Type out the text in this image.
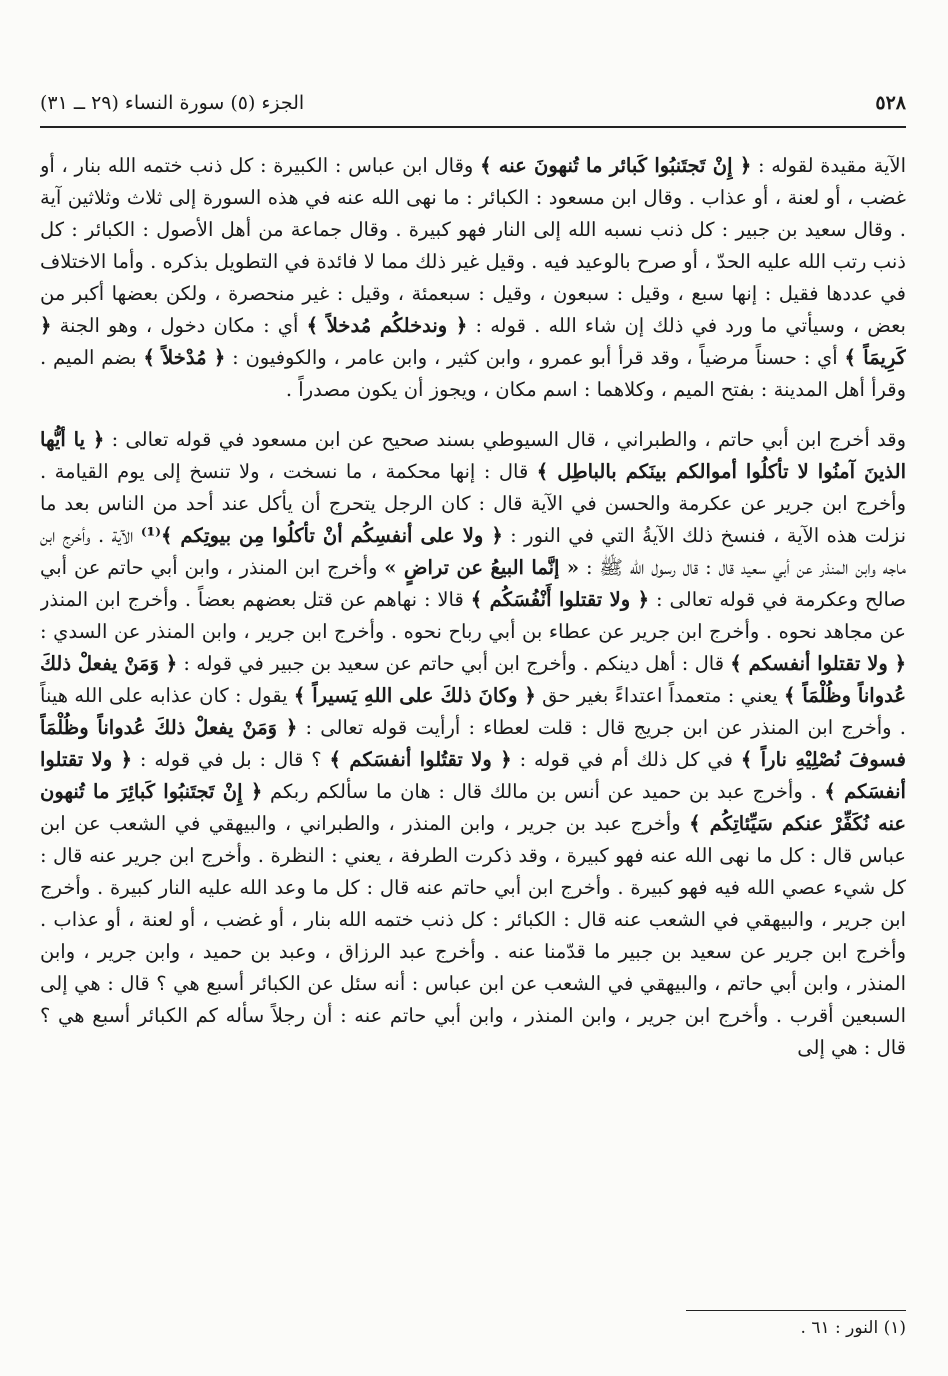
٥٢٨
الجزء (٥) سورة النساء (٢٩ ــ ٣١)

الآية مقيدة لقوله : ﴿ إِنْ تَجتَنبُوا كَبائر ما تُنهونَ عنه ﴾ وقال ابن عباس : الكبيرة : كل ذنب ختمه الله بنار ، أو غضب ، أو لعنة ، أو عذاب . وقال ابن مسعود : الكبائر : ما نهى الله عنه في هذه السورة إلى ثلاث وثلاثين آية . وقال سعيد بن جبير : كل ذنب نسبه الله إلى النار فهو كبيرة . وقال جماعة من أهل الأصول : الكبائر : كل ذنب رتب الله عليه الحدّ ، أو صرح بالوعيد فيه . وقيل غير ذلك مما لا فائدة في التطويل بذكره . وأما الاختلاف في عددها فقيل : إنها سبع ، وقيل : سبعون ، وقيل : سبعمئة ، وقيل : غير منحصرة ، ولكن بعضها أكبر من بعض ، وسيأتي ما ورد في ذلك إن شاء الله . قوله : ﴿ وندخلكُم مُدخلاً ﴾ أي : مكان دخول ، وهو الجنة ﴿ كَرِيمَاً ﴾ أي : حسناً مرضياً ، وقد قرأ أبو عمرو ، وابن كثير ، وابن عامر ، والكوفيون : ﴿ مُدْخلاً ﴾ بضم الميم . وقرأ أهل المدينة : بفتح الميم ، وكلاهما : اسم مكان ، ويجوز أن يكون مصدراً .

وقد أخرج ابن أبي حاتم ، والطبراني ، قال السيوطي بسند صحيح عن ابن مسعود في قوله تعالى : ﴿ يا أيُّها الذينَ آمنُوا لا تأكلُوا أموالكم بينَكم بالباطِل ﴾ قال : إنها محكمة ، ما نسخت ، ولا تنسخ إلى يوم القيامة . وأخرج ابن جرير عن عكرمة والحسن في الآية قال : كان الرجل يتحرج أن يأكل عند أحد من الناس بعد ما نزلت هذه الآية ، فنسخ ذلك الآيةُ التي في النور : ﴿ ولا على أنفسِكُم أنْ تأكلُوا مِن بيوتِكم ﴾⁽¹⁾ الآية . وأخرج ابن ماجه وابن المنذر عن أبي سعيد قال : قال رسول الله ﷺ : « إنَّما البيعُ عن تراضٍ » وأخرج ابن المنذر ، وابن أبي حاتم عن أبي صالح وعكرمة في قوله تعالى : ﴿ ولا تقتلوا أَنْفُسَكُم ﴾ قالا : نهاهم عن قتل بعضهم بعضاً . وأخرج ابن المنذر عن مجاهد نحوه . وأخرج ابن جرير عن عطاء بن أبي رباح نحوه . وأخرج ابن جرير ، وابن المنذر عن السدي : ﴿ ولا تقتلوا أنفسكم ﴾ قال : أهل دينكم . وأخرج ابن أبي حاتم عن سعيد بن جبير في قوله : ﴿ وَمَنْ يفعلْ ذلكَ عُدواناً وظُلْمَاً ﴾ يعني : متعمداً اعتداءً بغير حق ﴿ وكانَ ذلكَ على اللهِ يَسيراً ﴾ يقول : كان عذابه على الله هيناً . وأخرج ابن المنذر عن ابن جريج قال : قلت لعطاء : أرأيت قوله تعالى : ﴿ وَمَنْ يفعلْ ذلكَ عُدواناً وظُلْمَاً فسوفَ نُصْلِيْهِ ناراً ﴾ في كل ذلك أم في قوله : ﴿ ولا تقتُلوا أنفسَكم ﴾ ؟ قال : بل في قوله : ﴿ ولا تقتلوا أنفسَكم ﴾ . وأخرج عبد بن حميد عن أنس بن مالك قال : هان ما سألكم ربكم ﴿ إِنْ تَجتَنبُوا كَبائِرَ ما تُنهون عنه نُكَفِّرْ عنكم سَيِّئاتِكُم ﴾ وأخرج عبد بن جرير ، وابن المنذر ، والطبراني ، والبيهقي في الشعب عن ابن عباس قال : كل ما نهى الله عنه فهو كبيرة ، وقد ذكرت الطرفة ، يعني : النظرة . وأخرج ابن جرير عنه قال : كل شيء عصي الله فيه فهو كبيرة . وأخرج ابن أبي حاتم عنه قال : كل ما وعد الله عليه النار كبيرة . وأخرج ابن جرير ، والبيهقي في الشعب عنه قال : الكبائر : كل ذنب ختمه الله بنار ، أو غضب ، أو لعنة ، أو عذاب . وأخرج ابن جرير عن سعيد بن جبير ما قدّمنا عنه . وأخرج عبد الرزاق ، وعبد بن حميد ، وابن جرير ، وابن المنذر ، وابن أبي حاتم ، والبيهقي في الشعب عن ابن عباس : أنه سئل عن الكبائر أسبع هي ؟ قال : هي إلى السبعين أقرب . وأخرج ابن جرير ، وابن المنذر ، وابن أبي حاتم عنه : أن رجلاً سأله كم الكبائر أسبع هي ؟ قال : هي إلى

(١) النور : ٦١ .
